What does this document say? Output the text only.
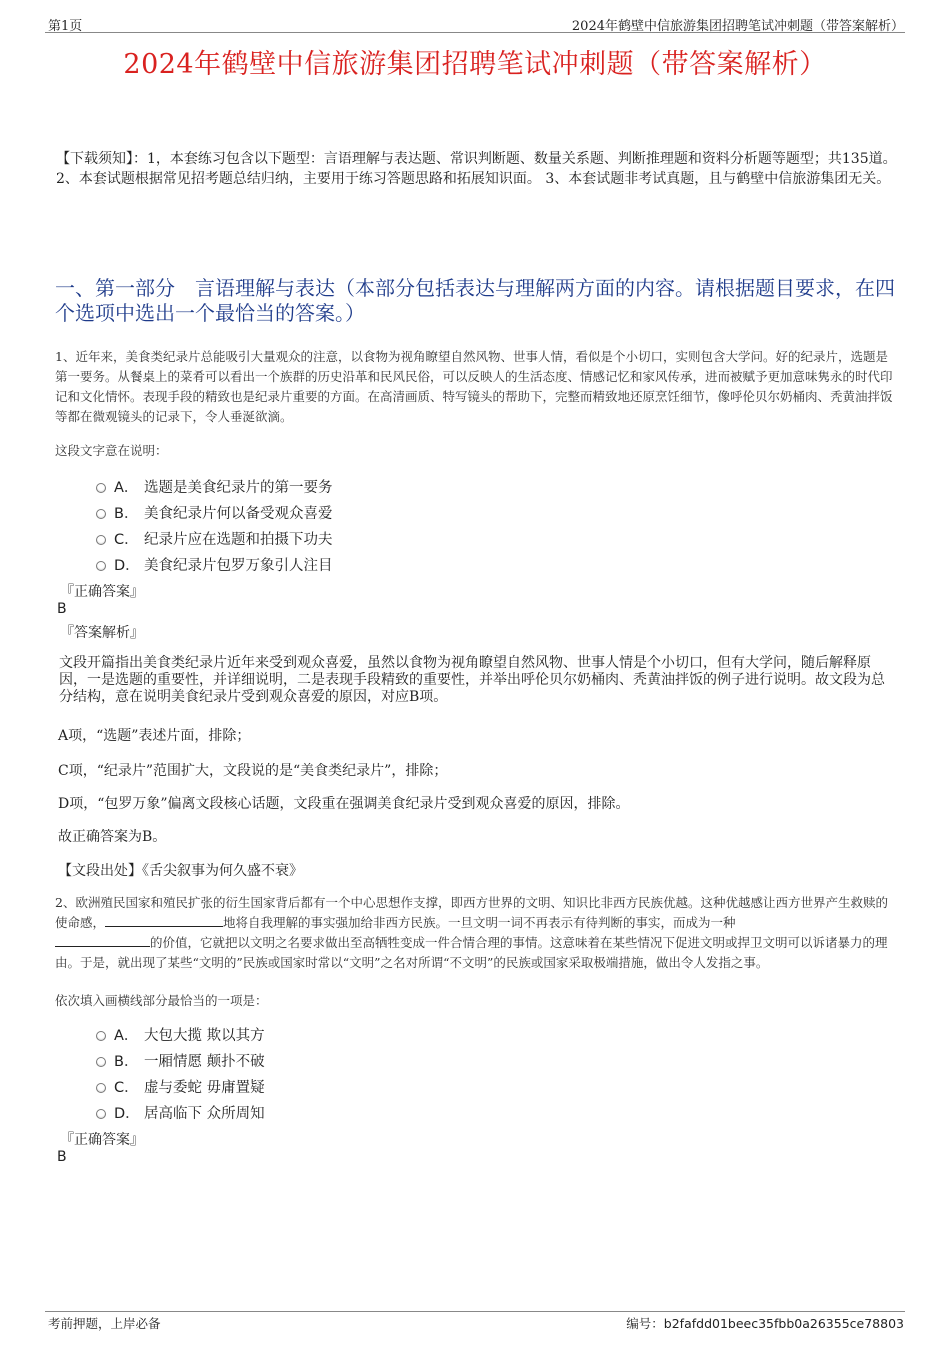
第1页	2024年鹤壁中信旅游集团招聘笔试冲刺题（带答案解析）
2024年鹤壁中信旅游集团招聘笔试冲刺题（带答案解析）
【下载须知】：1，本套练习包含以下题型：言语理解与表达题、常识判断题、数量关系题、判断推理题和资料分析题等题型；共135道。 2、本套试题根据常见招考题总结归纳，主要用于练习答题思路和拓展知识面。 3、本套试题非考试真题，且与鹤壁中信旅游集团无关。
一、第一部分　言语理解与表达（本部分包括表达与理解两方面的内容。请根据题目要求，在四个选项中选出一个最恰当的答案。）
1、近年来，美食类纪录片总能吸引大量观众的注意，以食物为视角瞭望自然风物、世事人情，看似是个小切口，实则包含大学问。好的纪录片，选题是第一要务。从餐桌上的菜肴可以看出一个族群的历史沿革和民风民俗，可以反映人的生活态度、情感记忆和家风传承，进而被赋予更加意味隽永的时代印记和文化情怀。表现手段的精致也是纪录片重要的方面。在高清画质、特写镜头的帮助下，完整而精致地还原烹饪细节，像呼伦贝尔奶桶肉、秃黄油拌饭等都在微观镜头的记录下，令人垂涎欲滴。
这段文字意在说明：
A． 选题是美食纪录片的第一要务
B． 美食纪录片何以备受观众喜爱
C． 纪录片应在选题和拍摄下功夫
D． 美食纪录片包罗万象引人注目
『正确答案』
B
『答案解析』
文段开篇指出美食类纪录片近年来受到观众喜爱，虽然以食物为视角瞭望自然风物、世事人情是个小切口，但有大学问，随后解释原因，一是选题的重要性，并详细说明，二是表现手段精致的重要性，并举出呼伦贝尔奶桶肉、秃黄油拌饭的例子进行说明。故文段为总分结构，意在说明美食纪录片受到观众喜爱的原因，对应B项。
A项，“选题”表述片面，排除；
C项，“纪录片”范围扩大，文段说的是“美食类纪录片”，排除；
D项，“包罗万象”偏离文段核心话题，文段重在强调美食纪录片受到观众喜爱的原因，排除。
故正确答案为B。
【文段出处】《舌尖叙事为何久盛不衰》
2、欧洲殖民国家和殖民扩张的衍生国家背后都有一个中心思想作支撑，即西方世界的文明、知识比非西方民族优越。这种优越感让西方世界产生救赎的使命感，	地将自我理解的事实强加给非西方民族。一旦文明一词不再表示有待判断的事实，而成为一种
的价值，它就把以文明之名要求做出至高牺牲变成一件合情合理的事情。这意味着在某些情况下促进文明或捍卫文明可以诉诸暴力的理由。于是，就出现了某些“文明的”民族或国家时常以“文明”之名对所谓“不文明”的民族或国家采取极端措施，做出令人发指之事。
依次填入画横线部分最恰当的一项是：
A． 大包大揽 欺以其方
B． 一厢情愿 颠扑不破
C． 虚与委蛇 毋庸置疑
D． 居高临下 众所周知
『正确答案』
B
考前押题，上岸必备	编号：b2fafdd01beec35fbb0a26355ce78803
